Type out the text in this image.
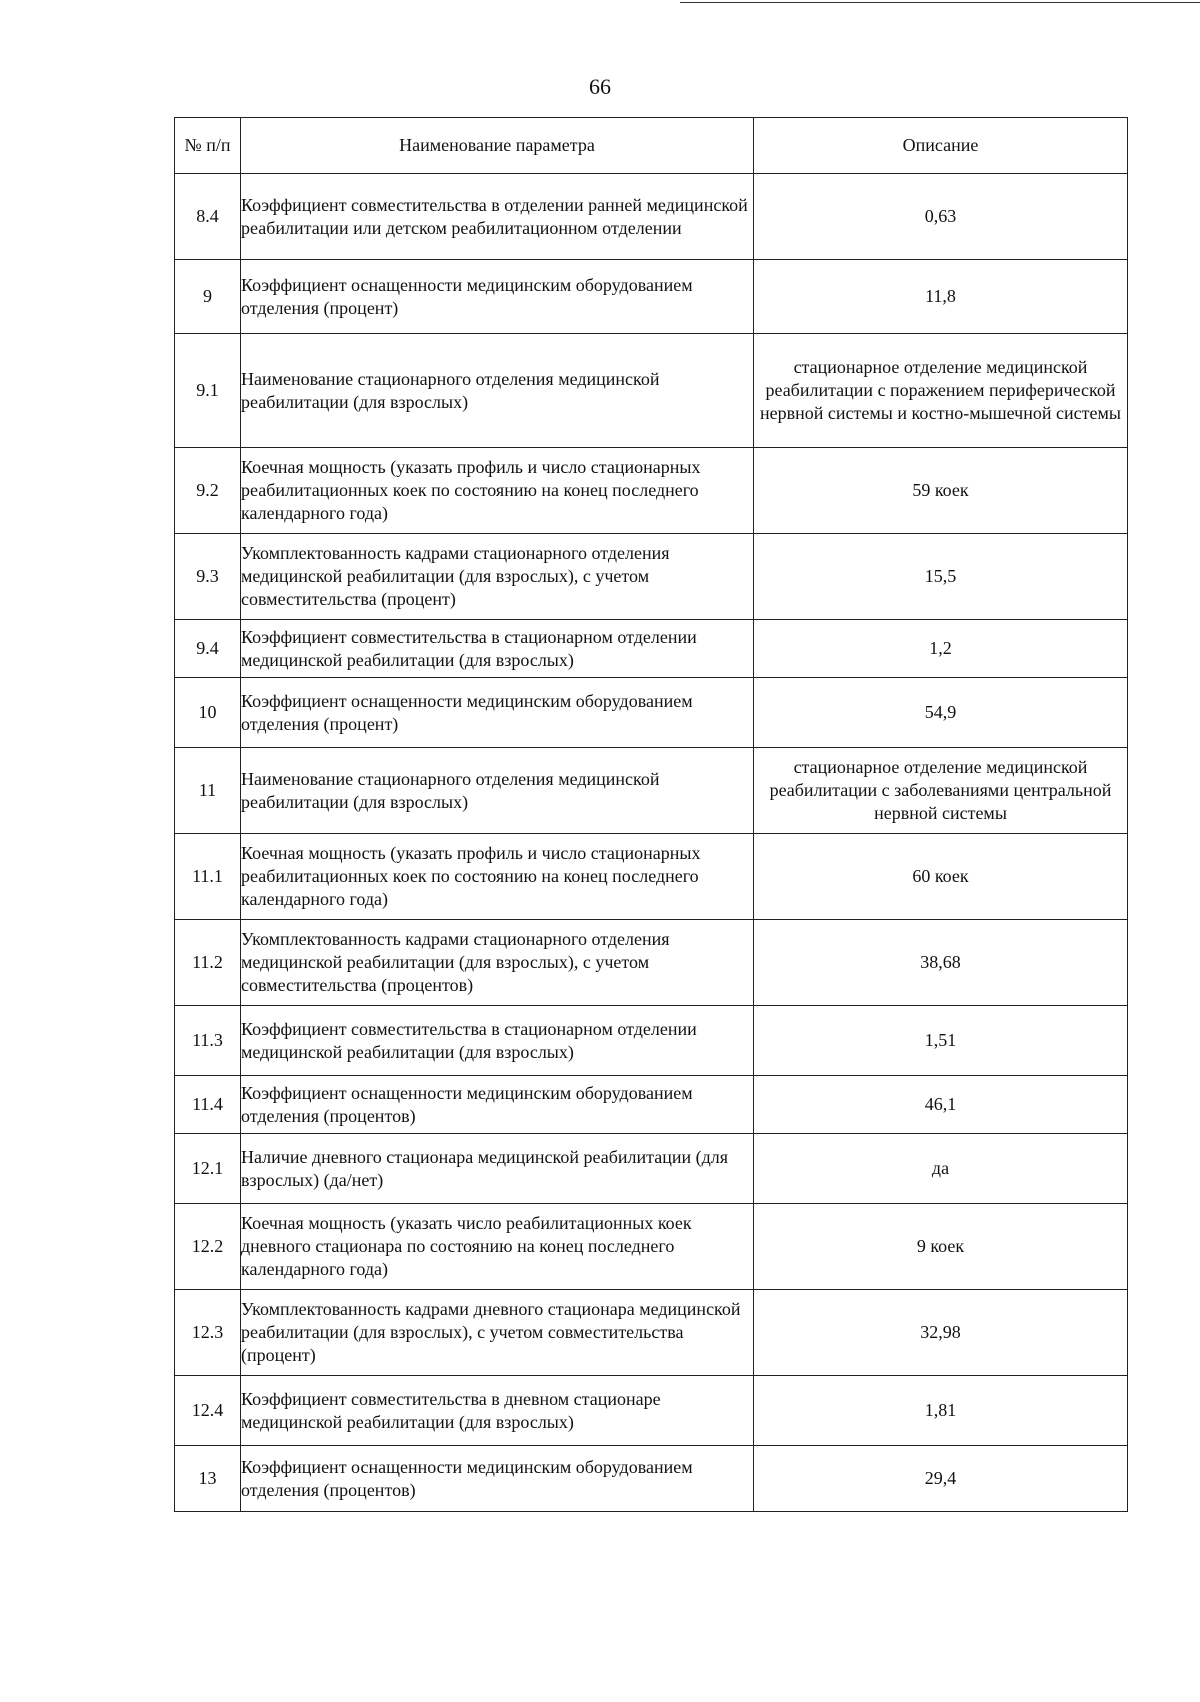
66
№ п/п	Наименование параметра	Описание
8.4	Коэффициент совместительства в отделении ранней медицинской реабилитации или детском реабилитационном отделении	0,63
9	Коэффициент оснащенности медицинским оборудованием отделения (процент)	11,8
9.1	Наименование стационарного отделения медицинской реабилитации (для взрослых)	стационарное отделение медицинской реабилитации с поражением периферической нервной системы и костно-мышечной системы
9.2	Коечная мощность (указать профиль и число стационарных реабилитационных коек по состоянию на конец последнего календарного года)	59 коек
9.3	Укомплектованность кадрами стационарного отделения медицинской реабилитации (для взрослых), с учетом совместительства (процент)	15,5
9.4	Коэффициент совместительства в стационарном отделении медицинской реабилитации (для взрослых)	1,2
10	Коэффициент оснащенности медицинским оборудованием отделения (процент)	54,9
11	Наименование стационарного отделения медицинской реабилитации (для взрослых)	стационарное отделение медицинской реабилитации с заболеваниями центральной нервной системы
11.1	Коечная мощность (указать профиль и число стационарных реабилитационных коек по состоянию на конец последнего календарного года)	60 коек
11.2	Укомплектованность кадрами стационарного отделения медицинской реабилитации (для взрослых), с учетом совместительства (процентов)	38,68
11.3	Коэффициент совместительства в стационарном отделении медицинской реабилитации (для взрослых)	1,51
11.4	Коэффициент оснащенности медицинским оборудованием отделения (процентов)	46,1
12.1	Наличие дневного стационара медицинской реабилитации (для взрослых) (да/нет)	да
12.2	Коечная мощность (указать число реабилитационных коек дневного стационара по состоянию на конец последнего календарного года)	9 коек
12.3	Укомплектованность кадрами дневного стационара медицинской реабилитации (для взрослых), с учетом совместительства (процент)	32,98
12.4	Коэффициент совместительства в дневном стационаре медицинской реабилитации (для взрослых)	1,81
13	Коэффициент оснащенности медицинским оборудованием отделения (процентов)	29,4
